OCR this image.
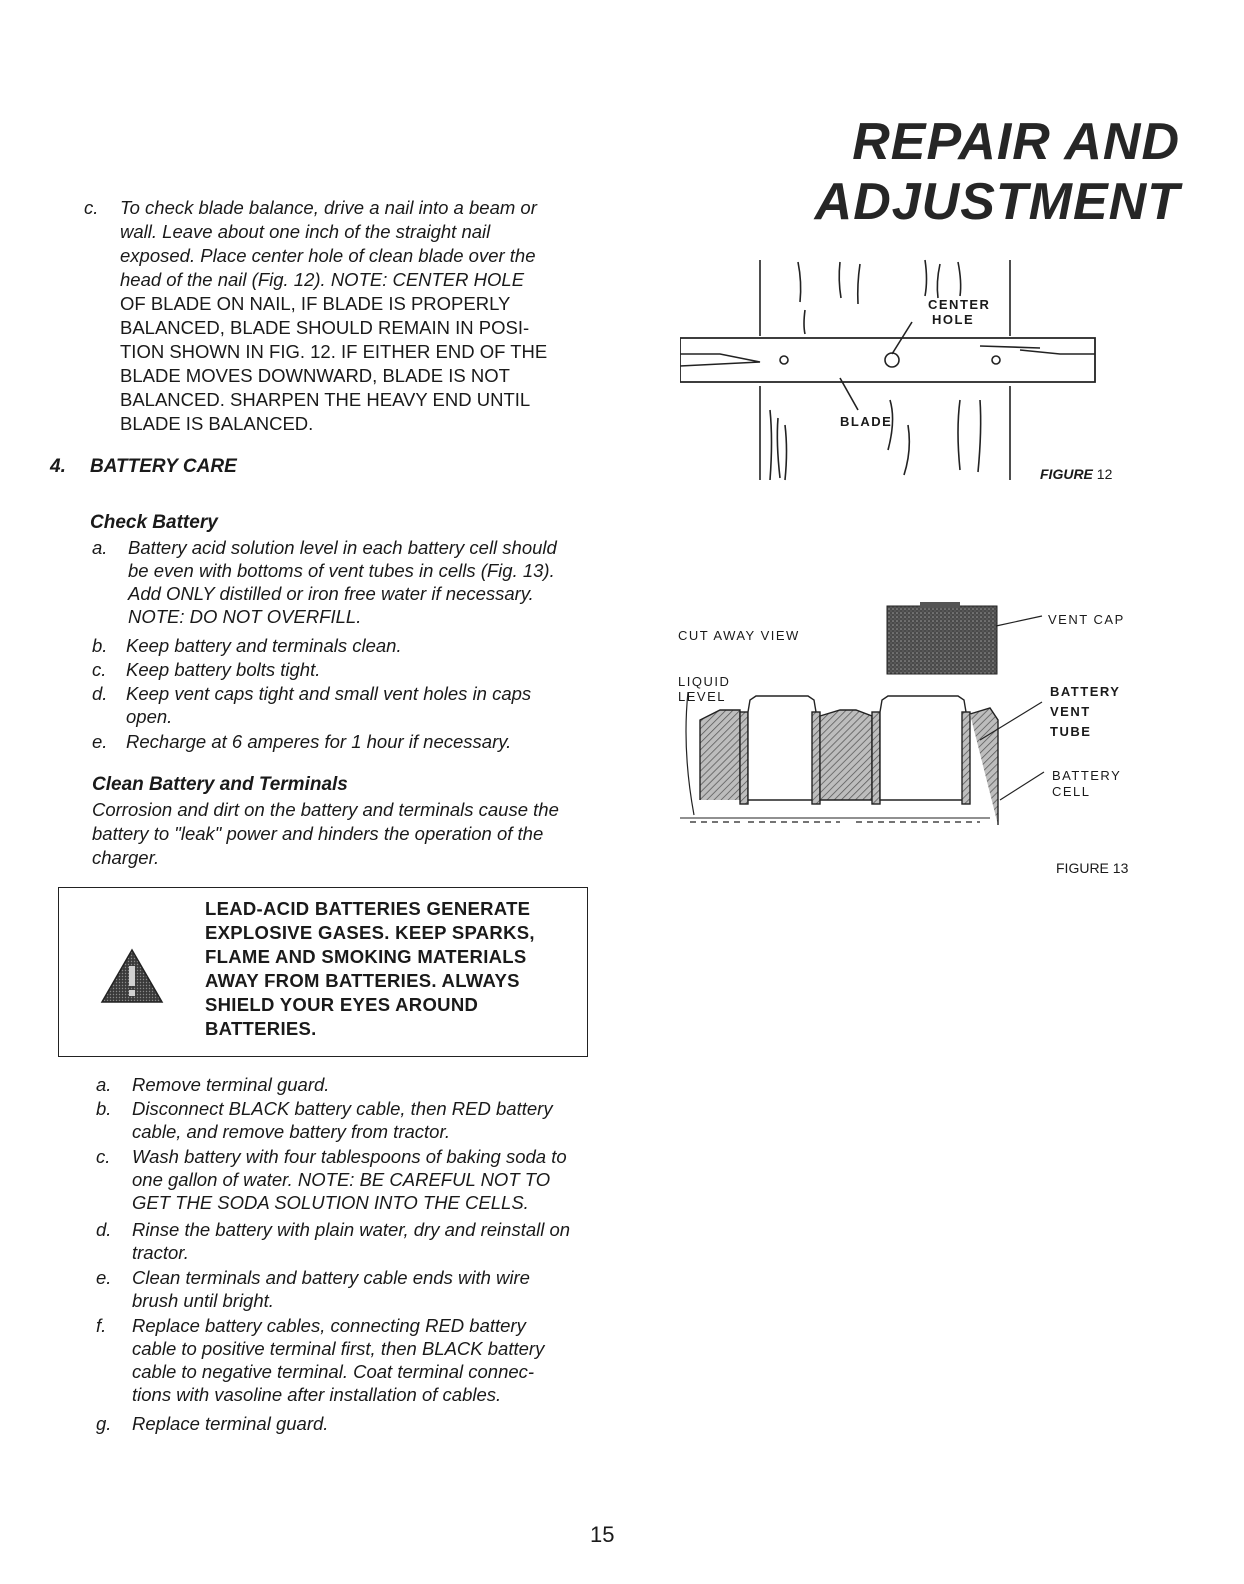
REPAIR AND ADJUSTMENT
c. To check blade balance, drive a nail into a beam or
wall. Leave about one inch of the straight nail
exposed. Place center hole of clean blade over the
head of the nail (Fig. 12). NOTE: CENTER HOLE
OF BLADE ON NAIL, IF BLADE IS PROPERLY
BALANCED, BLADE SHOULD REMAIN IN POSI-
TION SHOWN IN FIG. 12. IF EITHER END OF THE
BLADE MOVES DOWNWARD, BLADE IS NOT
BALANCED. SHARPEN THE HEAVY END UNTIL
BLADE IS BALANCED.
4. BATTERY CARE
Check Battery
a. Battery acid solution level in each battery cell should
be even with bottoms of vent tubes in cells (Fig. 13).
Add ONLY distilled or iron free water if necessary.
NOTE: DO NOT OVERFILL.
b. Keep battery and terminals clean.
c. Keep battery bolts tight.
d. Keep vent caps tight and small vent holes in caps
open.
e. Recharge at 6 amperes for 1 hour if necessary.
Clean Battery and Terminals
Corrosion and dirt on the battery and terminals cause the
battery to "leak" power and hinders the operation of the
charger.
LEAD-ACID BATTERIES GENERATE
EXPLOSIVE GASES. KEEP SPARKS,
FLAME AND SMOKING MATERIALS
AWAY FROM BATTERIES. ALWAYS
SHIELD YOUR EYES AROUND
BATTERIES.
a. Remove terminal guard.
b. Disconnect BLACK battery cable, then RED battery
cable, and remove battery from tractor.
c. Wash battery with four tablespoons of baking soda to
one gallon of water. NOTE: BE CAREFUL NOT TO
GET THE SODA SOLUTION INTO THE CELLS.
d. Rinse the battery with plain water, dry and reinstall on
tractor.
e. Clean terminals and battery cable ends with wire
brush until bright.
f. Replace battery cables, connecting RED battery
cable to positive terminal first, then BLACK battery
cable to negative terminal. Coat terminal connec-
tions with vasoline after installation of cables.
g. Replace terminal guard.
CENTER
HOLE
BLADE
FIGURE 12
CUT AWAY VIEW
LIQUID
LEVEL
VENT CAP
BATTERY
VENT
TUBE
BATTERY
CELL
FIGURE 13
15
